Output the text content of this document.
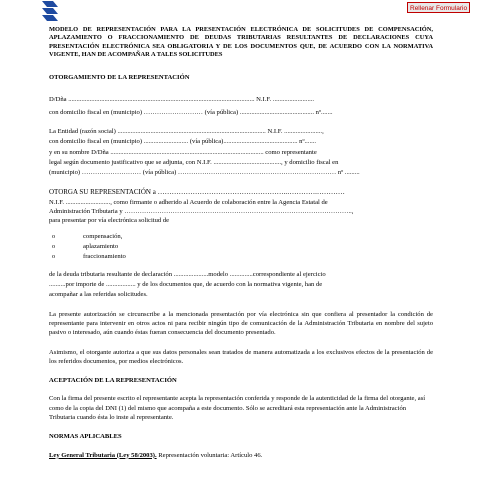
Rellenar Formulario
MODELO DE REPRESENTACIÓN PARA LA PRESENTACIÓN ELECTRÓNICA DE SOLICITUDES DE COMPENSACIÓN, APLAZAMIENTO O FRACCIONAMIENTO DE DEUDAS TRIBUTARIAS RESULTANTES DE DECLARACIONES CUYA PRESENTACIÓN ELECTRÓNICA SEA OBLIGATORIA Y DE LOS DOCUMENTOS QUE, DE ACUERDO CON LA NORMATIVA VIGENTE, HAN DE ACOMPAÑAR A TALES SOLICITUDES
OTORGAMIENTO DE LA REPRESENTACIÓN
D/Dña ................................................................................................................. N.I.F. .........................
con domicilio fiscal en (municipio) ……………………… (vía pública) ............................................. nº.......
La Entidad (razón social) .......................................................................................... N.I.F. .......................,
con domicilio fiscal en (municipio) ........................... (vía pública)............................................. nº.......
y en su nombre D/Dña ............................................................................................. como representante
legal según documento justificativo que se adjunta, con N.I.F. ........................................., y domicilio fiscal en
(municipio) ……………………… (vía pública) ……………………………………………………………… nº .........
OTORGA SU REPRESENTACIÓN a ………………………………………………..………….…………
N.I.F. ..........................., como firmante o adherido al Acuerdo de colaboración entre la Agencia Estatal de
Administración Tributaria y …………………………………………………………………………………………..,
para presentar por vía electrónica solicitud de
o compensación,
o aplazamiento
o fraccionamiento
de la deuda tributaria resultante de declaración .....................modelo ..............correspondiente al ejercicio
..........por importe de .................. y de los documentos que, de acuerdo con la normativa vigente, han de
acompañar a las referidas solicitudes.
La presente autorización se circunscribe a la mencionada presentación por vía electrónica sin que confiera al presentador la condición de representante para intervenir en otros actos ni para recibir ningún tipo de comunicación de la Administración Tributaria en nombre del sujeto pasivo o interesado, aún cuando éstas fueran consecuencia del documento presentado.
Asimismo, el otorgante autoriza a que sus datos personales sean tratados de manera automatizada a los exclusivos efectos de la presentación de los referidos documentos, por medios electrónicos.
ACEPTACIÓN DE LA REPRESENTACIÓN
Con la firma del presente escrito el representante acepta la representación conferida y responde de la autenticidad de la firma del otorgante, así como de la copia del DNI (1) del mismo que acompaña a este documento. Sólo se acreditará esta representación ante la Administración Tributaria cuando ésta lo inste al representante.
NORMAS APLICABLES
Ley General Tributaria (Ley 58/2003). Representación voluntaria: Artículo 46.
